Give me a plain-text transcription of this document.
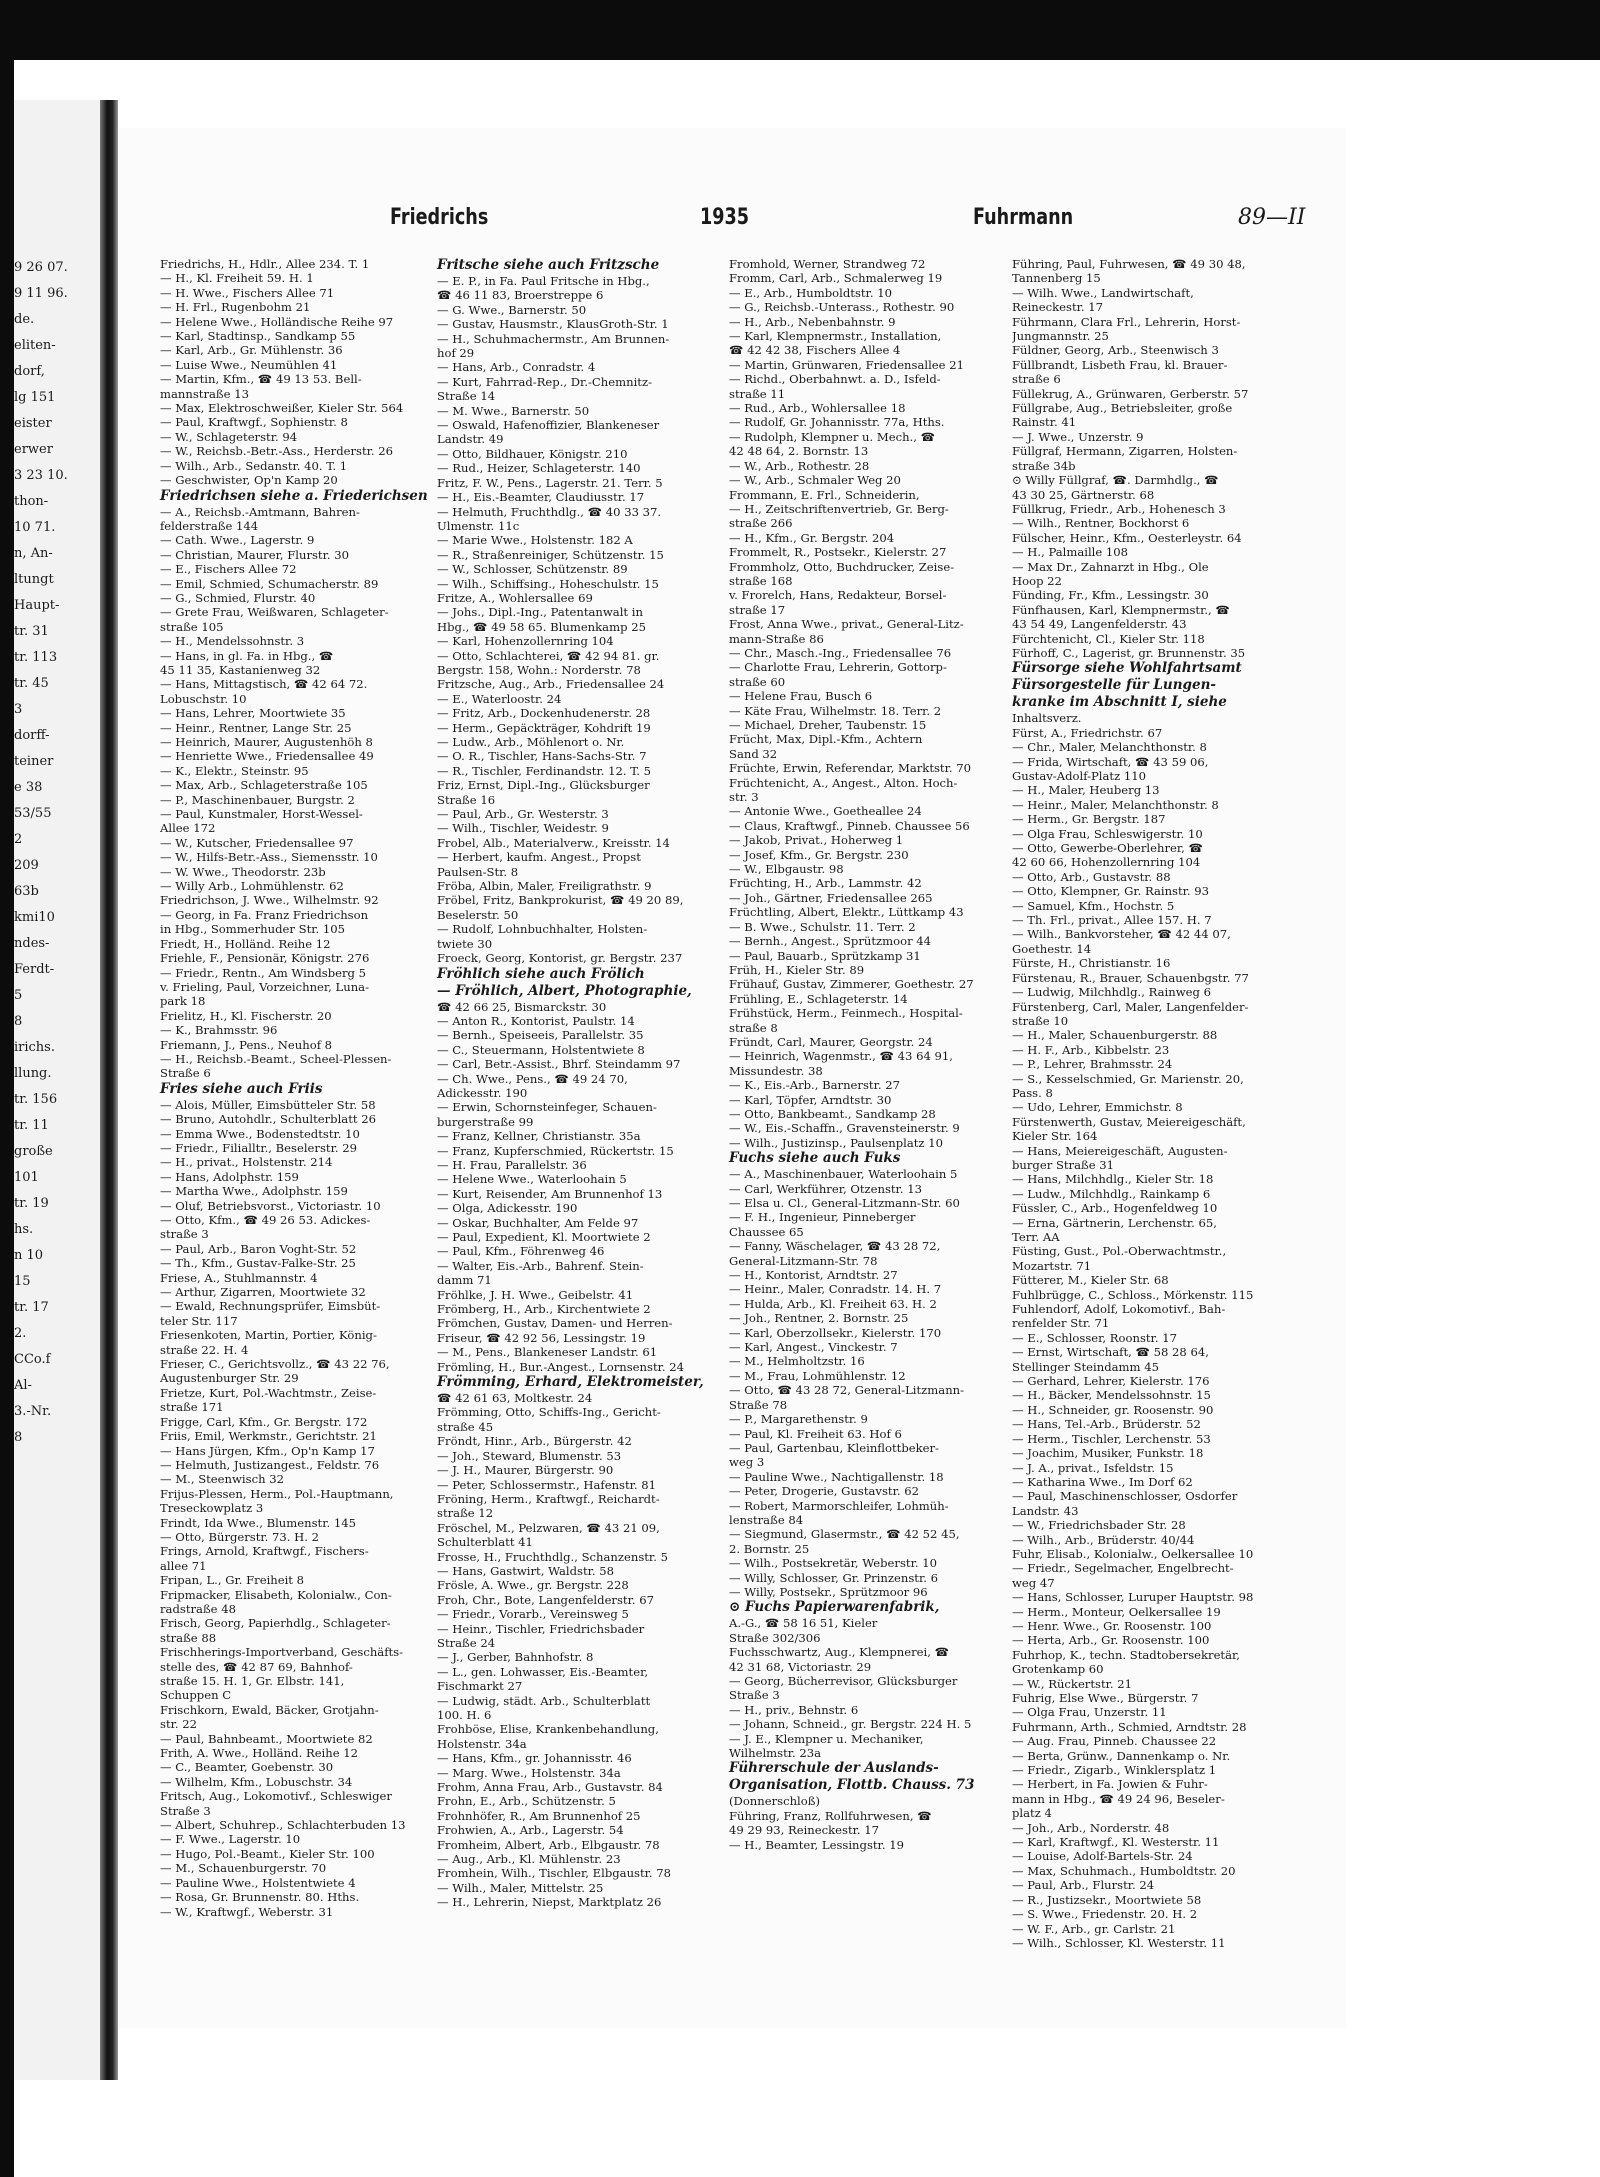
9 26 07.
9 11 96.
de.
eliten-
dorf,
lg 151
eister
erwer
3 23 10.
thon-
10 71.
n, An-
ltungt
Haupt-
tr. 31
tr. 113
tr. 45
3
dorff-
teiner
e 38
53/55
2
209
63b
kmi10
ndes-
Ferdt-
5
8
irichs.
llung.
tr. 156
tr. 11
große
101
tr. 19
hs.
n 10
15
tr. 17
2.
CCo.f
Al-
3.-Nr.
8
Friedrichs	1935	Fuhrmann	89—II
Friedrichs, H., Hdlr., Allee 234. T. 1
— H., Kl. Freiheit 59. H. 1
— H. Wwe., Fischers Allee 71
— H. Frl., Rugenbohm 21
— Helene Wwe., Holländische Reihe 97
— Karl, Stadtinsp., Sandkamp 55
— Karl, Arb., Gr. Mühlenstr. 36
— Luise Wwe., Neumühlen 41
— Martin, Kfm., ☎ 49 13 53. Bell-
mannstraße 13
— Max, Elektroschweißer, Kieler Str. 564
— Paul, Kraftwgf., Sophienstr. 8
— W., Schlageterstr. 94
— W., Reichsb.-Betr.-Ass., Herderstr. 26
— Wilh., Arb., Sedanstr. 40. T. 1
— Geschwister, Op'n Kamp 20
Friedrichsen siehe a. Friederichsen
— A., Reichsb.-Amtmann, Bahren-
felderstraße 144
— Cath. Wwe., Lagerstr. 9
— Christian, Maurer, Flurstr. 30
— E., Fischers Allee 72
— Emil, Schmied, Schumacherstr. 89
— G., Schmied, Flurstr. 40
— Grete Frau, Weißwaren, Schlageter-
straße 105
— H., Mendelssohnstr. 3
— Hans, in gl. Fa. in Hbg., ☎
45 11 35, Kastanienweg 32
— Hans, Mittagstisch, ☎ 42 64 72.
Lobuschstr. 10
— Hans, Lehrer, Moortwiete 35
— Heinr., Rentner, Lange Str. 25
— Heinrich, Maurer, Augustenhöh 8
— Henriette Wwe., Friedensallee 49
— K., Elektr., Steinstr. 95
— Max, Arb., Schlageterstraße 105
— P., Maschinenbauer, Burgstr. 2
— Paul, Kunstmaler, Horst-Wessel-
Allee 172
— W., Kutscher, Friedensallee 97
— W., Hilfs-Betr.-Ass., Siemensstr. 10
— W. Wwe., Theodorstr. 23b
— Willy Arb., Lohmühlenstr. 62
Friedrichson, J. Wwe., Wilhelmstr. 92
— Georg, in Fa. Franz Friedrichson
in Hbg., Sommerhuder Str. 105
Friedt, H., Holländ. Reihe 12
Friehle, F., Pensionär, Königstr. 276
— Friedr., Rentn., Am Windsberg 5
v. Frieling, Paul, Vorzeichner, Luna-
park 18
Frielitz, H., Kl. Fischerstr. 20
— K., Brahmsstr. 96
Friemann, J., Pens., Neuhof 8
— H., Reichsb.-Beamt., Scheel-Plessen-
Straße 6
Fries siehe auch Friis
— Alois, Müller, Eimsbütteler Str. 58
— Bruno, Autohdlr., Schulterblatt 26
— Emma Wwe., Bodenstedtstr. 10
— Friedr., Filialltr., Beselerstr. 29
— H., privat., Holstenstr. 214
— Hans, Adolphstr. 159
— Martha Wwe., Adolphstr. 159
— Oluf, Betriebsvorst., Victoriastr. 10
— Otto, Kfm., ☎ 49 26 53. Adickes-
straße 3
— Paul, Arb., Baron Voght-Str. 52
— Th., Kfm., Gustav-Falke-Str. 25
Friese, A., Stuhlmannstr. 4
— Arthur, Zigarren, Moortwiete 32
— Ewald, Rechnungsprüfer, Eimsbüt-
teler Str. 117
Friesenkoten, Martin, Portier, König-
straße 22. H. 4
Frieser, C., Gerichtsvollz., ☎ 43 22 76,
Augustenburger Str. 29
Frietze, Kurt, Pol.-Wachtmstr., Zeise-
straße 171
Frigge, Carl, Kfm., Gr. Bergstr. 172
Friis, Emil, Werkmstr., Gerichtstr. 21
— Hans Jürgen, Kfm., Op'n Kamp 17
— Helmuth, Justizangest., Feldstr. 76
— M., Steenwisch 32
Frijus-Plessen, Herm., Pol.-Hauptmann,
Treseckowplatz 3
Frindt, Ida Wwe., Blumenstr. 145
— Otto, Bürgerstr. 73. H. 2
Frings, Arnold, Kraftwgf., Fischers-
allee 71
Fripan, L., Gr. Freiheit 8
Fripmacker, Elisabeth, Kolonialw., Con-
radstraße 48
Frisch, Georg, Papierhdlg., Schlageter-
straße 88
Frischherings-Importverband, Geschäfts-
stelle des, ☎ 42 87 69, Bahnhof-
straße 15. H. 1, Gr. Elbstr. 141,
Schuppen C
Frischkorn, Ewald, Bäcker, Grotjahn-
str. 22
— Paul, Bahnbeamt., Moortwiete 82
Frith, A. Wwe., Holländ. Reihe 12
— C., Beamter, Goebenstr. 30
— Wilhelm, Kfm., Lobuschstr. 34
Fritsch, Aug., Lokomotivf., Schleswiger
Straße 3
— Albert, Schuhrep., Schlachterbuden 13
— F. Wwe., Lagerstr. 10
— Hugo, Pol.-Beamt., Kieler Str. 100
— M., Schauenburgerstr. 70
— Pauline Wwe., Holstentwiete 4
— Rosa, Gr. Brunnenstr. 80. Hths.
— W., Kraftwgf., Weberstr. 31
Fritsche siehe auch Fritzsche
— E. P., in Fa. Paul Fritsche in Hbg.,
☎ 46 11 83, Broerstreppe 6
— G. Wwe., Barnerstr. 50
— Gustav, Hausmstr., KlausGroth-Str. 1
— H., Schuhmachermstr., Am Brunnen-
hof 29
— Hans, Arb., Conradstr. 4
— Kurt, Fahrrad-Rep., Dr.-Chemnitz-
Straße 14
— M. Wwe., Barnerstr. 50
— Oswald, Hafenoffizier, Blankeneser
Landstr. 49
— Otto, Bildhauer, Königstr. 210
— Rud., Heizer, Schlageterstr. 140
Fritz, F. W., Pens., Lagerstr. 21. Terr. 5
— H., Eis.-Beamter, Claudiusstr. 17
— Helmuth, Fruchthdlg., ☎ 40 33 37.
Ulmenstr. 11c
— Marie Wwe., Holstenstr. 182 A
— R., Straßenreiniger, Schützenstr. 15
— W., Schlosser, Schützenstr. 89
— Wilh., Schiffsing., Hoheschulstr. 15
Fritze, A., Wohlersallee 69
— Johs., Dipl.-Ing., Patentanwalt in
Hbg., ☎ 49 58 65. Blumenkamp 25
— Karl, Hohenzollernring 104
— Otto, Schlachterei, ☎ 42 94 81. gr.
Bergstr. 158, Wohn.: Norderstr. 78
Fritzsche, Aug., Arb., Friedensallee 24
— E., Waterloostr. 24
— Fritz, Arb., Dockenhudenerstr. 28
— Herm., Gepäckträger, Kohdrift 19
— Ludw., Arb., Möhlenort o. Nr.
— O. R., Tischler, Hans-Sachs-Str. 7
— R., Tischler, Ferdinandstr. 12. T. 5
Friz, Ernst, Dipl.-Ing., Glücksburger
Straße 16
— Paul, Arb., Gr. Westerstr. 3
— Wilh., Tischler, Weidestr. 9
Frobel, Alb., Materialverw., Kreisstr. 14
— Herbert, kaufm. Angest., Propst
Paulsen-Str. 8
Fröba, Albin, Maler, Freiligrathstr. 9
Fröbel, Fritz, Bankprokurist, ☎ 49 20 89,
Beselerstr. 50
— Rudolf, Lohnbuchhalter, Holsten-
twiete 30
Froeck, Georg, Kontorist, gr. Bergstr. 237
Fröhlich siehe auch Frölich
— Fröhlich, Albert, Photographie,
☎ 42 66 25, Bismarckstr. 30
— Anton R., Kontorist, Paulstr. 14
— Bernh., Speiseeis, Parallelstr. 35
— C., Steuermann, Holstentwiete 8
— Carl, Betr.-Assist., Bhrf. Steindamm 97
— Ch. Wwe., Pens., ☎ 49 24 70,
Adickesstr. 190
— Erwin, Schornsteinfeger, Schauen-
burgerstraße 99
— Franz, Kellner, Christianstr. 35a
— Franz, Kupferschmied, Rückertstr. 15
— H. Frau, Parallelstr. 36
— Helene Wwe., Waterloohain 5
— Kurt, Reisender, Am Brunnenhof 13
— Olga, Adickesstr. 190
— Oskar, Buchhalter, Am Felde 97
— Paul, Expedient, Kl. Moortwiete 2
— Paul, Kfm., Föhrenweg 46
— Walter, Eis.-Arb., Bahrenf. Stein-
damm 71
Fröhlke, J. H. Wwe., Geibelstr. 41
Frömberg, H., Arb., Kirchentwiete 2
Frömchen, Gustav, Damen- und Herren-
Friseur, ☎ 42 92 56, Lessingstr. 19
— M., Pens., Blankeneser Landstr. 61
Frömling, H., Bur.-Angest., Lornsenstr. 24
Frömming, Erhard, Elektromeister,
☎ 42 61 63, Moltkestr. 24
Frömming, Otto, Schiffs-Ing., Gericht-
straße 45
Fröndt, Hinr., Arb., Bürgerstr. 42
— Joh., Steward, Blumenstr. 53
— J. H., Maurer, Bürgerstr. 90
— Peter, Schlossermstr., Hafenstr. 81
Fröning, Herm., Kraftwgf., Reichardt-
straße 12
Fröschel, M., Pelzwaren, ☎ 43 21 09,
Schulterblatt 41
Frosse, H., Fruchthdlg., Schanzenstr. 5
— Hans, Gastwirt, Waldstr. 58
Frösle, A. Wwe., gr. Bergstr. 228
Froh, Chr., Bote, Langenfelderstr. 67
— Friedr., Vorarb., Vereinsweg 5
— Heinr., Tischler, Friedrichsbader
Straße 24
— J., Gerber, Bahnhofstr. 8
— L., gen. Lohwasser, Eis.-Beamter,
Fischmarkt 27
— Ludwig, städt. Arb., Schulterblatt
100. H. 6
Frohböse, Elise, Krankenbehandlung,
Holstenstr. 34a
— Hans, Kfm., gr. Johannisstr. 46
— Marg. Wwe., Holstenstr. 34a
Frohm, Anna Frau, Arb., Gustavstr. 84
Frohn, E., Arb., Schützenstr. 5
Frohnhöfer, R., Am Brunnenhof 25
Frohwien, A., Arb., Lagerstr. 54
Fromheim, Albert, Arb., Elbgaustr. 78
— Aug., Arb., Kl. Mühlenstr. 23
Fromhein, Wilh., Tischler, Elbgaustr. 78
— Wilh., Maler, Mittelstr. 25
— H., Lehrerin, Niepst, Marktplatz 26
Fromhold, Werner, Strandweg 72
Fromm, Carl, Arb., Schmalerweg 19
— E., Arb., Humboldtstr. 10
— G., Reichsb.-Unterass., Rothestr. 90
— H., Arb., Nebenbahnstr. 9
— Karl, Klempnermstr., Installation,
☎ 42 42 38, Fischers Allee 4
— Martin, Grünwaren, Friedensallee 21
— Richd., Oberbahnwt. a. D., Isfeld-
straße 11
— Rud., Arb., Wohlersallee 18
— Rudolf, Gr. Johannisstr. 77a, Hths.
— Rudolph, Klempner u. Mech., ☎
42 48 64, 2. Bornstr. 13
— W., Arb., Rothestr. 28
— W., Arb., Schmaler Weg 20
Frommann, E. Frl., Schneiderin,
— H., Zeitschriftenvertrieb, Gr. Berg-
straße 266
— H., Kfm., Gr. Bergstr. 204
Frommelt, R., Postsekr., Kielerstr. 27
Frommholz, Otto, Buchdrucker, Zeise-
straße 168
v. Frorelch, Hans, Redakteur, Borsel-
straße 17
Frost, Anna Wwe., privat., General-Litz-
mann-Straße 86
— Chr., Masch.-Ing., Friedensallee 76
— Charlotte Frau, Lehrerin, Gottorp-
straße 60
— Helene Frau, Busch 6
— Käte Frau, Wilhelmstr. 18. Terr. 2
— Michael, Dreher, Taubenstr. 15
Frücht, Max, Dipl.-Kfm., Achtern
Sand 32
Früchte, Erwin, Referendar, Marktstr. 70
Früchtenicht, A., Angest., Alton. Hoch-
str. 3
— Antonie Wwe., Goetheallee 24
— Claus, Kraftwgf., Pinneb. Chaussee 56
— Jakob, Privat., Hoherweg 1
— Josef, Kfm., Gr. Bergstr. 230
— W., Elbgaustr. 98
Früchting, H., Arb., Lammstr. 42
— Joh., Gärtner, Friedensallee 265
Früchtling, Albert, Elektr., Lüttkamp 43
— B. Wwe., Schulstr. 11. Terr. 2
— Bernh., Angest., Sprützmoor 44
— Paul, Bauarb., Sprützkamp 31
Früh, H., Kieler Str. 89
Frühauf, Gustav, Zimmerer, Goethestr. 27
Frühling, E., Schlageterstr. 14
Frühstück, Herm., Feinmech., Hospital-
straße 8
Fründt, Carl, Maurer, Georgstr. 24
— Heinrich, Wagenmstr., ☎ 43 64 91,
Missundestr. 38
— K., Eis.-Arb., Barnerstr. 27
— Karl, Töpfer, Arndtstr. 30
— Otto, Bankbeamt., Sandkamp 28
— W., Eis.-Schaffn., Gravensteinerstr. 9
— Wilh., Justizinsp., Paulsenplatz 10
Fuchs siehe auch Fuks
— A., Maschinenbauer, Waterloohain 5
— Carl, Werkführer, Otzenstr. 13
— Elsa u. Cl., General-Litzmann-Str. 60
— F. H., Ingenieur, Pinneberger
Chaussee 65
— Fanny, Wäschelager, ☎ 43 28 72,
General-Litzmann-Str. 78
— H., Kontorist, Arndtstr. 27
— Heinr., Maler, Conradstr. 14. H. 7
— Hulda, Arb., Kl. Freiheit 63. H. 2
— Joh., Rentner, 2. Bornstr. 25
— Karl, Oberzollsekr., Kielerstr. 170
— Karl, Angest., Vinckestr. 7
— M., Helmholtzstr. 16
— M., Frau, Lohmühlenstr. 12
— Otto, ☎ 43 28 72, General-Litzmann-
Straße 78
— P., Margarethenstr. 9
— Paul, Kl. Freiheit 63. Hof 6
— Paul, Gartenbau, Kleinflottbeker-
weg 3
— Pauline Wwe., Nachtigallenstr. 18
— Peter, Drogerie, Gustavstr. 62
— Robert, Marmorschleifer, Lohmüh-
lenstraße 84
— Siegmund, Glasermstr., ☎ 42 52 45,
2. Bornstr. 25
— Wilh., Postsekretär, Weberstr. 10
— Willy, Schlosser, Gr. Prinzenstr. 6
— Willy, Postsekr., Sprützmoor 96
⊙ Fuchs Papierwarenfabrik,
A.-G., ☎ 58 16 51, Kieler
Straße 302/306
Fuchsschwartz, Aug., Klempnerei, ☎
42 31 68, Victoriastr. 29
— Georg, Bücherrevisor, Glücksburger
Straße 3
— H., priv., Behnstr. 6
— Johann, Schneid., gr. Bergstr. 224 H. 5
— J. E., Klempner u. Mechaniker,
Wilhelmstr. 23a
Führerschule der Auslands-
Organisation, Flottb. Chauss. 73
(Donnerschloß)
Führing, Franz, Rollfuhrwesen, ☎
49 29 93, Reineckestr. 17
— H., Beamter, Lessingstr. 19
Führing, Paul, Fuhrwesen, ☎ 49 30 48,
Tannenberg 15
— Wilh. Wwe., Landwirtschaft,
Reineckestr. 17
Führmann, Clara Frl., Lehrerin, Horst-
Jungmannstr. 25
Füldner, Georg, Arb., Steenwisch 3
Füllbrandt, Lisbeth Frau, kl. Brauer-
straße 6
Füllekrug, A., Grünwaren, Gerberstr. 57
Füllgrabe, Aug., Betriebsleiter, große
Rainstr. 41
— J. Wwe., Unzerstr. 9
Füllgraf, Hermann, Zigarren, Holsten-
straße 34b
⊙ Willy Füllgraf, ☎. Darmhdlg., ☎
43 30 25, Gärtnerstr. 68
Füllkrug, Friedr., Arb., Hohenesch 3
— Wilh., Rentner, Bockhorst 6
Fülscher, Heinr., Kfm., Oesterleystr. 64
— H., Palmaille 108
— Max Dr., Zahnarzt in Hbg., Ole
Hoop 22
Fünding, Fr., Kfm., Lessingstr. 30
Fünfhausen, Karl, Klempnermstr., ☎
43 54 49, Langenfelderstr. 43
Fürchtenicht, Cl., Kieler Str. 118
Fürhoff, C., Lagerist, gr. Brunnenstr. 35
Fürsorge siehe Wohlfahrtsamt
Fürsorgestelle für Lungen-
kranke im Abschnitt I, siehe
Inhaltsverz.
Fürst, A., Friedrichstr. 67
— Chr., Maler, Melanchthonstr. 8
— Frida, Wirtschaft, ☎ 43 59 06,
Gustav-Adolf-Platz 110
— H., Maler, Heuberg 13
— Heinr., Maler, Melanchthonstr. 8
— Herm., Gr. Bergstr. 187
— Olga Frau, Schleswigerstr. 10
— Otto, Gewerbe-Oberlehrer, ☎
42 60 66, Hohenzollernring 104
— Otto, Arb., Gustavstr. 88
— Otto, Klempner, Gr. Rainstr. 93
— Samuel, Kfm., Hochstr. 5
— Th. Frl., privat., Allee 157. H. 7
— Wilh., Bankvorsteher, ☎ 42 44 07,
Goethestr. 14
Fürste, H., Christianstr. 16
Fürstenau, R., Brauer, Schauenbgstr. 77
— Ludwig, Milchhdlg., Rainweg 6
Fürstenberg, Carl, Maler, Langenfelder-
straße 10
— H., Maler, Schauenburgerstr. 88
— H. F., Arb., Kibbelstr. 23
— P., Lehrer, Brahmsstr. 24
— S., Kesselschmied, Gr. Marienstr. 20,
Pass. 8
— Udo, Lehrer, Emmichstr. 8
Fürstenwerth, Gustav, Meiereigeschäft,
Kieler Str. 164
— Hans, Meiereigeschäft, Augusten-
burger Straße 31
— Hans, Milchhdlg., Kieler Str. 18
— Ludw., Milchhdlg., Rainkamp 6
Füssler, C., Arb., Hogenfeldweg 10
— Erna, Gärtnerin, Lerchenstr. 65,
Terr. AA
Füsting, Gust., Pol.-Oberwachtmstr.,
Mozartstr. 71
Fütterer, M., Kieler Str. 68
Fuhlbrügge, C., Schloss., Mörkenstr. 115
Fuhlendorf, Adolf, Lokomotivf., Bah-
renfelder Str. 71
— E., Schlosser, Roonstr. 17
— Ernst, Wirtschaft, ☎ 58 28 64,
Stellinger Steindamm 45
— Gerhard, Lehrer, Kielerstr. 176
— H., Bäcker, Mendelssohnstr. 15
— H., Schneider, gr. Roosenstr. 90
— Hans, Tel.-Arb., Brüderstr. 52
— Herm., Tischler, Lerchenstr. 53
— Joachim, Musiker, Funkstr. 18
— J. A., privat., Isfeldstr. 15
— Katharina Wwe., Im Dorf 62
— Paul, Maschinenschlosser, Osdorfer
Landstr. 43
— W., Friedrichsbader Str. 28
— Wilh., Arb., Brüderstr. 40/44
Fuhr, Elisab., Kolonialw., Oelkersallee 10
— Friedr., Segelmacher, Engelbrecht-
weg 47
— Hans, Schlosser, Luruper Hauptstr. 98
— Herm., Monteur, Oelkersallee 19
— Henr. Wwe., Gr. Roosenstr. 100
— Herta, Arb., Gr. Roosenstr. 100
Fuhrhop, K., techn. Stadtobersekretär,
Grotenkamp 60
— W., Rückertstr. 21
Fuhrig, Else Wwe., Bürgerstr. 7
— Olga Frau, Unzerstr. 11
Fuhrmann, Arth., Schmied, Arndtstr. 28
— Aug. Frau, Pinneb. Chaussee 22
— Berta, Grünw., Dannenkamp o. Nr.
— Friedr., Zigarb., Winklersplatz 1
— Herbert, in Fa. Jowien & Fuhr-
mann in Hbg., ☎ 49 24 96, Beseler-
platz 4
— Joh., Arb., Norderstr. 48
— Karl, Kraftwgf., Kl. Westerstr. 11
— Louise, Adolf-Bartels-Str. 24
— Max, Schuhmach., Humboldtstr. 20
— Paul, Arb., Flurstr. 24
— R., Justizsekr., Moortwiete 58
— S. Wwe., Friedenstr. 20. H. 2
— W. F., Arb., gr. Carlstr. 21
— Wilh., Schlosser, Kl. Westerstr. 11
